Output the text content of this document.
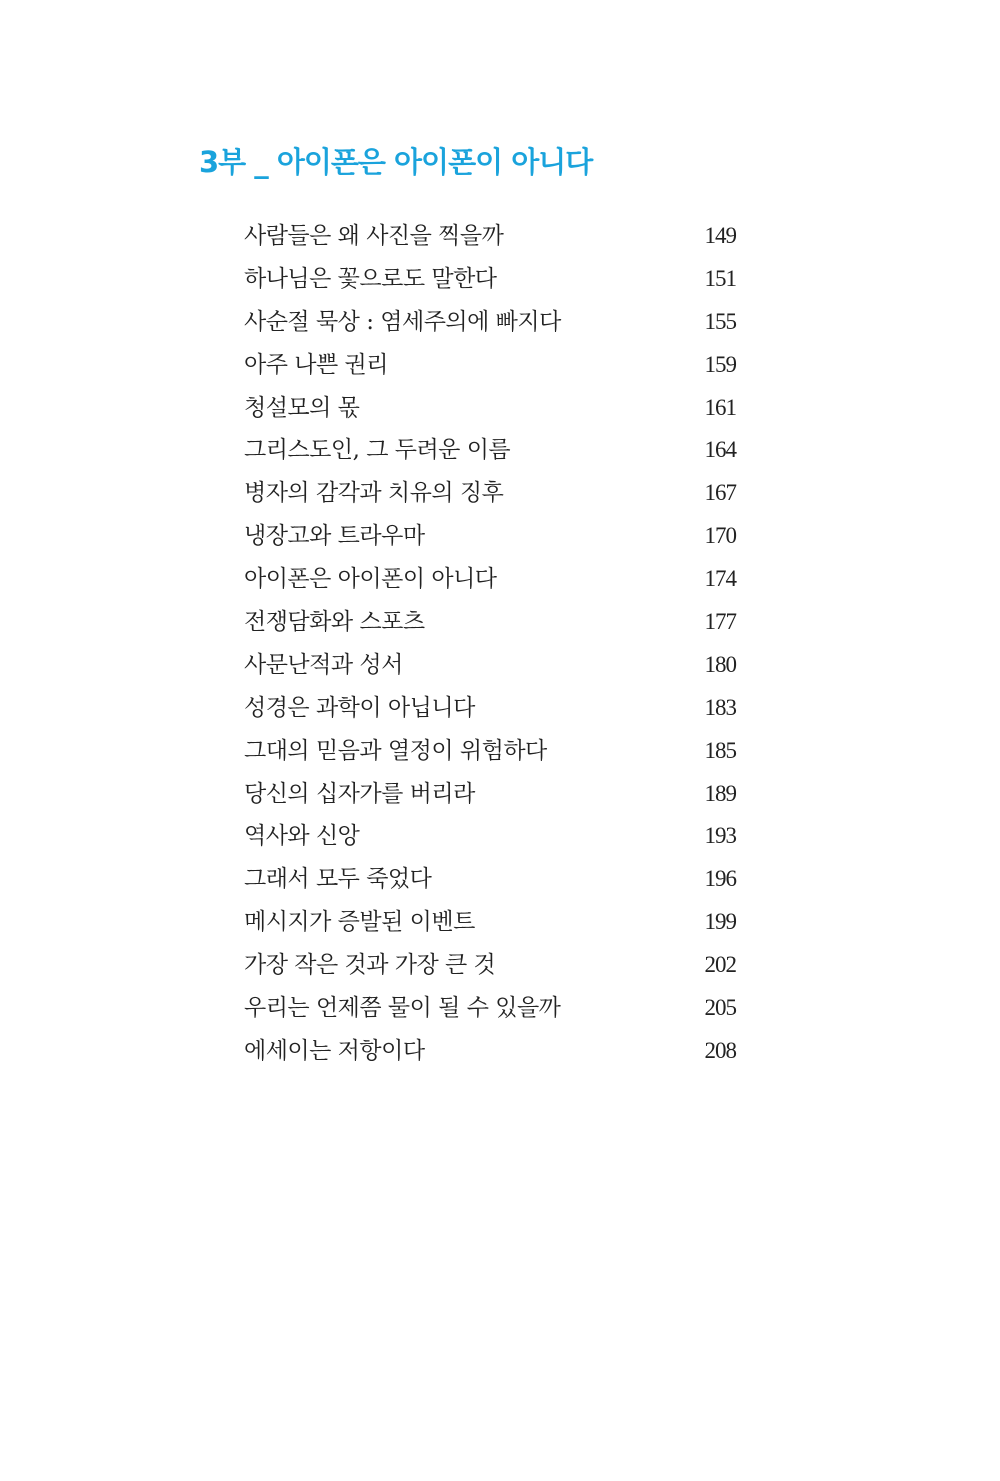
3부 _ 아이폰은 아이폰이 아니다
사람들은 왜 사진을 찍을까	149
하나님은 꽃으로도 말한다	151
사순절 묵상 : 염세주의에 빠지다	155
아주 나쁜 권리	159
청설모의 몫	161
그리스도인, 그 두려운 이름	164
병자의 감각과 치유의 징후	167
냉장고와 트라우마	170
아이폰은 아이폰이 아니다	174
전쟁담화와 스포츠	177
사문난적과 성서	180
성경은 과학이 아닙니다	183
그대의 믿음과 열정이 위험하다	185
당신의 십자가를 버리라	189
역사와 신앙	193
그래서 모두 죽었다	196
메시지가 증발된 이벤트	199
가장 작은 것과 가장 큰 것	202
우리는 언제쯤 물이 될 수 있을까	205
에세이는 저항이다	208
